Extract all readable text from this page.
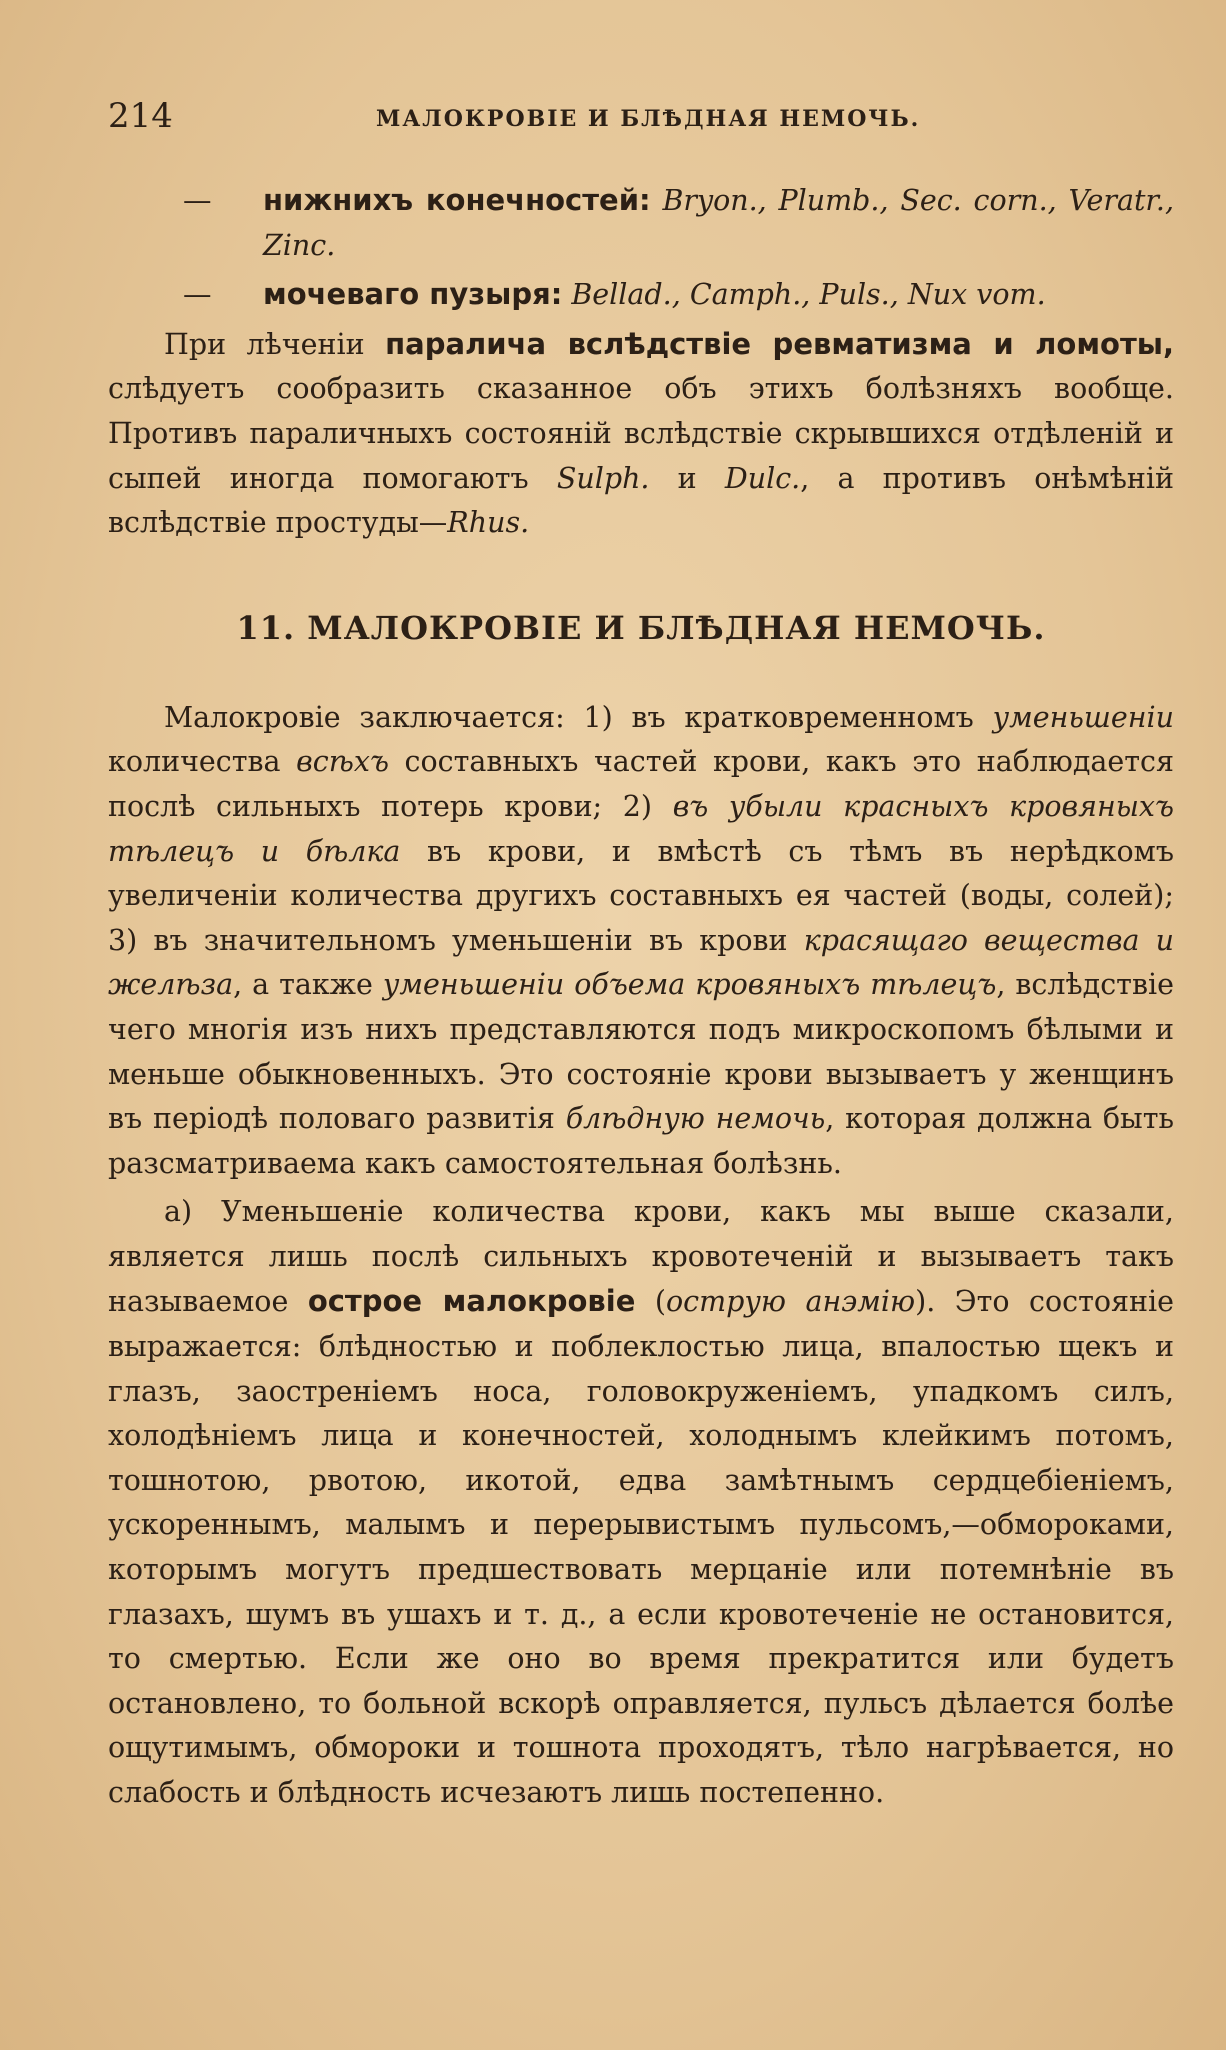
214	МАЛОКРОВІЕ И БЛѢДНАЯ НЕМОЧЬ.

— нижнихъ конечностей: Bryon., Plumb., Sec. corn., Veratr., Zinc.

— мочеваго пузыря: Bellad., Camph., Puls., Nux vom.

При лѣченіи паралича вслѣдствіе ревматизма и ломоты, слѣдуетъ сообразить сказанное объ этихъ болѣзняхъ вообще. Противъ параличныхъ состояній вслѣдствіе скрывшихся отдѣленій и сыпей иногда помогаютъ Sulph. и Dulc., а противъ онѣмѣній вслѣдствіе простуды—Rhus.

11. МАЛОКРОВІЕ И БЛѢДНАЯ НЕМОЧЬ.

Малокровіе заключается: 1) въ кратковременномъ уменьшеніи количества всѣхъ составныхъ частей крови, какъ это наблюдается послѣ сильныхъ потерь крови; 2) въ убыли красныхъ кровяныхъ тѣлецъ и бѣлка въ крови, и вмѣстѣ съ тѣмъ въ нерѣдкомъ увеличеніи количества другихъ составныхъ ея частей (воды, солей); 3) въ значительномъ уменьшеніи въ крови красящаго вещества и желѣза, а также уменьшеніи объема кровяныхъ тѣлецъ, вслѣдствіе чего многія изъ нихъ представляются подъ микроскопомъ бѣлыми и меньше обыкновенныхъ. Это состояніе крови вызываетъ у женщинъ въ періодѣ половаго развитія блѣдную немочь, которая должна быть разсматриваема какъ самостоятельная болѣзнь.

а) Уменьшеніе количества крови, какъ мы выше сказали, является лишь послѣ сильныхъ кровотеченій и вызываетъ такъ называемое острое малокровіе (острую анэмію). Это состояніе выражается: блѣдностью и поблеклостью лица, впалостью щекъ и глазъ, заостреніемъ носа, головокруженіемъ, упадкомъ силъ, холодѣніемъ лица и конечностей, холоднымъ клейкимъ потомъ, тошнотою, рвотою, икотой, едва замѣтнымъ сердцебіеніемъ, ускореннымъ, малымъ и перерывистымъ пульсомъ,—обмороками, которымъ могутъ предшествовать мерцаніе или потемнѣніе въ глазахъ, шумъ въ ушахъ и т. д., а если кровотеченіе не остановится, то смертью. Если же оно во время прекратится или будетъ остановлено, то больной вскорѣ оправляется, пульсъ дѣлается болѣе ощутимымъ, обмороки и тошнота проходятъ, тѣло нагрѣвается, но слабость и блѣдность исчезаютъ лишь постепенно.
